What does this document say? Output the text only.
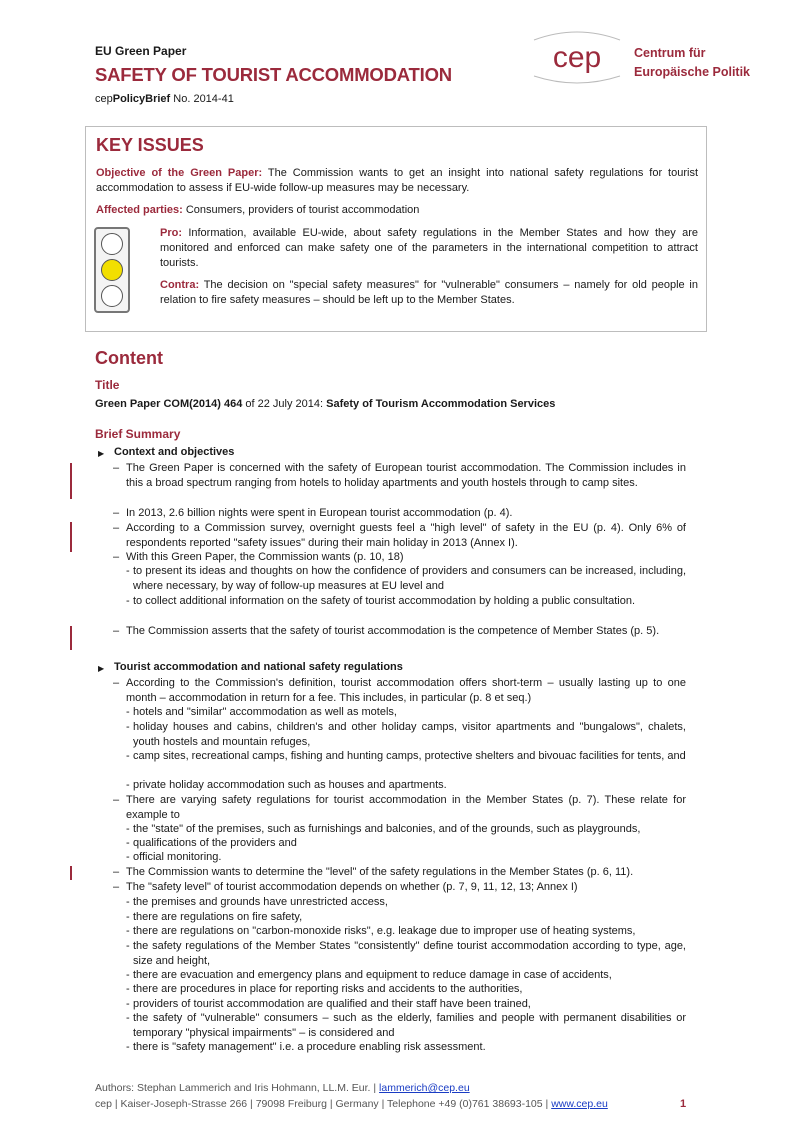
EU Green Paper
SAFETY OF TOURIST ACCOMMODATION
cepPolicyBrief No. 2014-41
cep	Centrum für
Europäische Politik
KEY ISSUES
Objective of the Green Paper: The Commission wants to get an insight into national safety regulations for tourist accommodation to assess if EU-wide follow-up measures may be necessary.
Affected parties: Consumers, providers of tourist accommodation
Pro: Information, available EU-wide, about safety regulations in the Member States and how they are monitored and enforced can make safety one of the parameters in the international competition to attract tourists.
Contra: The decision on "special safety measures" for "vulnerable" consumers – namely for old people in relation to fire safety measures – should be left up to the Member States.
Content
Title
Green Paper COM(2014) 464 of 22 July 2014: Safety of Tourism Accommodation Services
Brief Summary
▶ Context and objectives
– The Green Paper is concerned with the safety of European tourist accommodation. The Commission includes in this a broad spectrum ranging from hotels to holiday apartments and youth hostels through to camp sites.
– In 2013, 2.6 billion nights were spent in European tourist accommodation (p. 4).
– According to a Commission survey, overnight guests feel a "high level" of safety in the EU (p. 4). Only 6% of respondents reported "safety issues" during their main holiday in 2013 (Annex I).
– With this Green Paper, the Commission wants (p. 10, 18)
- to present its ideas and thoughts on how the confidence of providers and consumers can be increased, including, where necessary, by way of follow-up measures at EU level and
- to collect additional information on the safety of tourist accommodation by holding a public consultation.
– The Commission asserts that the safety of tourist accommodation is the competence of Member States (p. 5).
▶ Tourist accommodation and national safety regulations
– According to the Commission's definition, tourist accommodation offers short-term – usually lasting up to one month – accommodation in return for a fee. This includes, in particular (p. 8 et seq.)
- hotels and "similar" accommodation as well as motels,
- holiday houses and cabins, children's and other holiday camps, visitor apartments and "bungalows", chalets, youth hostels and mountain refuges,
- camp sites, recreational camps, fishing and hunting camps, protective shelters and bivouac facilities for tents, and
- private holiday accommodation such as houses and apartments.
– There are varying safety regulations for tourist accommodation in the Member States (p. 7). These relate for example to
- the "state" of the premises, such as furnishings and balconies, and of the grounds, such as playgrounds,
- qualifications of the providers and
- official monitoring.
– The Commission wants to determine the "level" of the safety regulations in the Member States (p. 6, 11).
– The "safety level" of tourist accommodation depends on whether (p. 7, 9, 11, 12, 13; Annex I)
- the premises and grounds have unrestricted access,
- there are regulations on fire safety,
- there are regulations on "carbon-monoxide risks", e.g. leakage due to improper use of heating systems,
- the safety regulations of the Member States "consistently" define tourist accommodation according to type, age, size and height,
- there are evacuation and emergency plans and equipment to reduce damage in case of accidents,
- there are procedures in place for reporting risks and accidents to the authorities,
- providers of tourist accommodation are qualified and their staff have been trained,
- the safety of "vulnerable" consumers – such as the elderly, families and people with permanent disabilities or temporary "physical impairments" – is considered and
- there is "safety management" i.e. a procedure enabling risk assessment.
Authors: Stephan Lammerich and Iris Hohmann, LL.M. Eur. | lammerich@cep.eu
cep | Kaiser-Joseph-Strasse 266 | 79098 Freiburg | Germany | Telephone +49 (0)761 38693-105 | www.cep.eu	1
